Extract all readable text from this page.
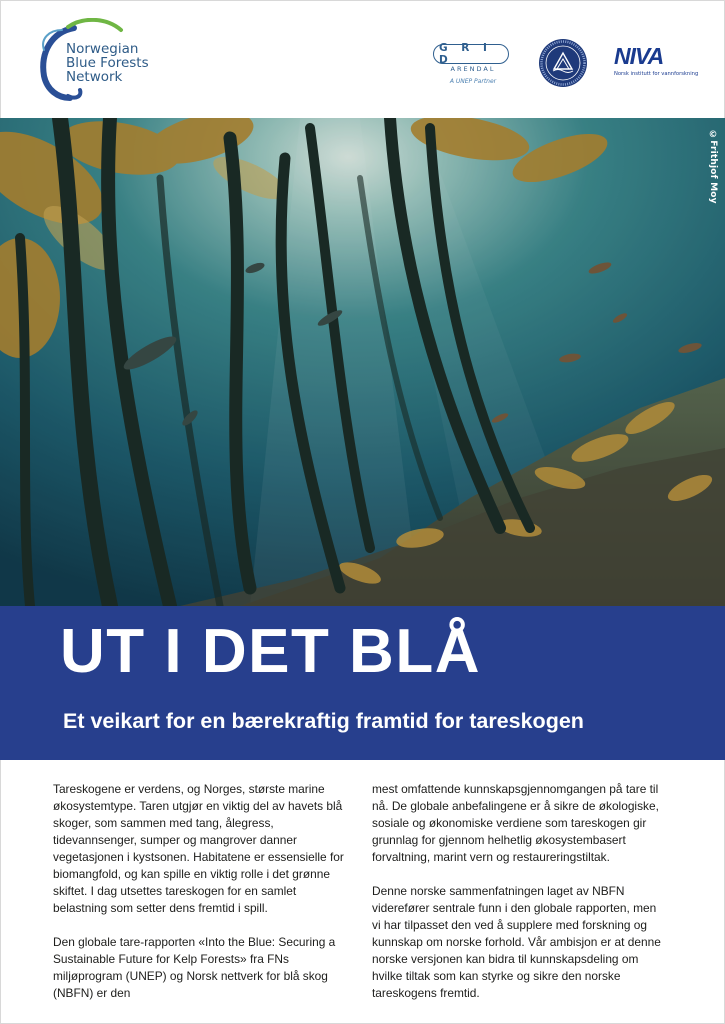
Norwegian
Blue Forests
Network
G R I D
ARENDAL
A UNEP Partner
NIVA
Norsk institutt for vannforskning
©Frithjof Moy
UT I DET BLÅ
Et veikart for en bærekraftig framtid for tareskogen

Tareskogene er verdens, og Norges, største marine økosystemtype. Taren utgjør en viktig del av havets blå skoger, som sammen med tang, ålegress, tidevannsenger, sumper og mangrover danner vegetasjonen i kystsonen. Habitatene er essensielle for biomangfold, og kan spille en viktig rolle i det grønne skiftet. I dag utsettes tareskogen for en samlet belastning som setter dens fremtid i spill.

Den globale tare-rapporten «Into the Blue: Securing a Sustainable Future for Kelp Forests» fra FNs miljøprogram (UNEP) og Norsk nettverk for blå skog (NBFN) er den

mest omfattende kunnskapsgjennomgangen på tare til nå. De globale anbefalingene er å sikre de økologiske, sosiale og økonomiske verdiene som tareskogen gir grunnlag for gjennom helhetlig økosystembasert forvaltning, marint vern og restaureringstiltak.

Denne norske sammenfatningen laget av NBFN viderefører sentrale funn i den globale rapporten, men vi har tilpasset den ved å supplere med forskning og kunnskap om norske forhold. Vår ambisjon er at denne norske versjonen kan bidra til kunnskapsdeling om hvilke tiltak som kan styrke og sikre den norske tareskogens fremtid.
